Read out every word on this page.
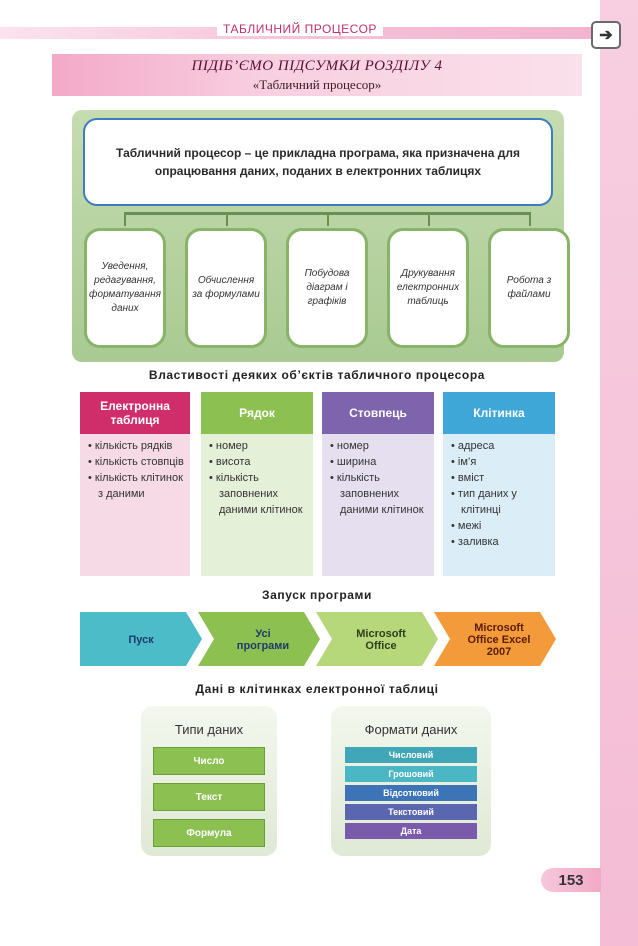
ТАБЛИЧНИЙ ПРОЦЕСОР	➔
ПІДІБ’ЄМО ПІДСУМКИ РОЗДІЛУ 4
«Табличний процесор»
Табличний процесор – це прикладна програма, яка призначена для опрацювання даних, поданих в електронних таблицях
Уведення, редагування, форматування даних
Обчислення за формулами
Побудова діаграм і графіків
Друкування електронних таблиць
Робота з файлами
Властивості деяких об’єктів табличного процесора
Електронна таблиця
• кількість рядків
• кількість стовпців
• кількість клітинок з даними
Рядок
• номер
• висота
• кількість заповнених даними клітинок
Стовпець
• номер
• ширина
• кількість заповнених даними клітинок
Клітинка
• адреса
• ім’я
• вміст
• тип даних у клітинці
• межі
• заливка
Запуск програми
Пуск	Усі
програми
Microsoft
Office
Microsoft
Office Excel
2007
Дані в клітинках електронної таблиці
Типи даних
Число
Текст
Формула
Формати даних
Числовий
Грошовий
Відсотковий
Текстовий
Дата
153
